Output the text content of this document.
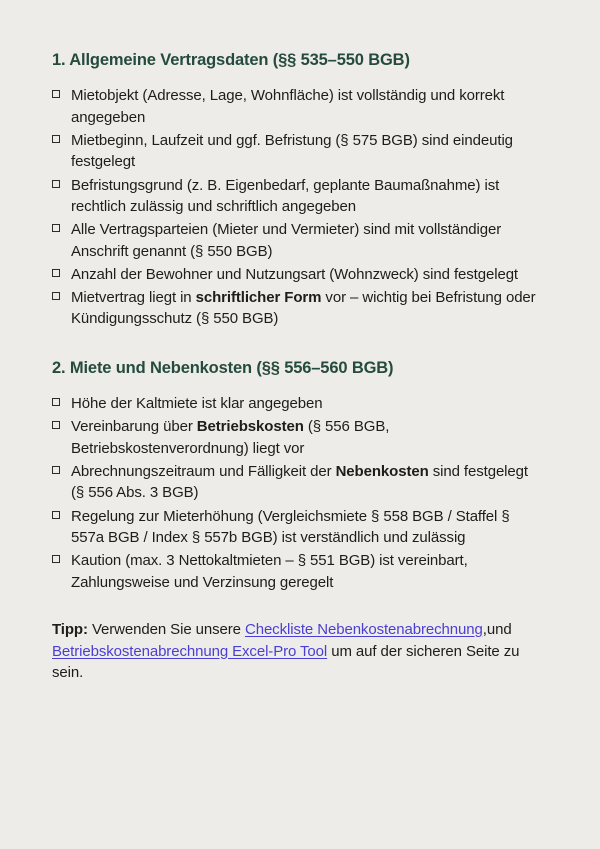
1. Allgemeine Vertragsdaten (§§ 535–550 BGB)
Mietobjekt (Adresse, Lage, Wohnfläche) ist vollständig und korrekt angegeben
Mietbeginn, Laufzeit und ggf. Befristung (§ 575 BGB) sind eindeutig festgelegt
Befristungsgrund (z. B. Eigenbedarf, geplante Baumaßnahme) ist rechtlich zulässig und schriftlich angegeben
Alle Vertragsparteien (Mieter und Vermieter) sind mit vollständiger Anschrift genannt (§ 550 BGB)
Anzahl der Bewohner und Nutzungsart (Wohnzweck) sind festgelegt
Mietvertrag liegt in schriftlicher Form vor – wichtig bei Befristung oder Kündigungsschutz (§ 550 BGB)
2. Miete und Nebenkosten (§§ 556–560 BGB)
Höhe der Kaltmiete ist klar angegeben
Vereinbarung über Betriebskosten (§ 556 BGB, Betriebskostenverordnung) liegt vor
Abrechnungszeitraum und Fälligkeit der Nebenkosten sind festgelegt (§ 556 Abs. 3 BGB)
Regelung zur Mieterhöhung (Vergleichsmiete § 558 BGB / Staffel § 557a BGB / Index § 557b BGB) ist verständlich und zulässig
Kaution (max. 3 Nettokaltmieten – § 551 BGB) ist vereinbart, Zahlungsweise und Verzinsung geregelt

Tipp: Verwenden Sie unsere Checkliste Nebenkostenabrechnung,und Betriebskostenabrechnung Excel-Pro Tool um auf der sicheren Seite zu sein.
